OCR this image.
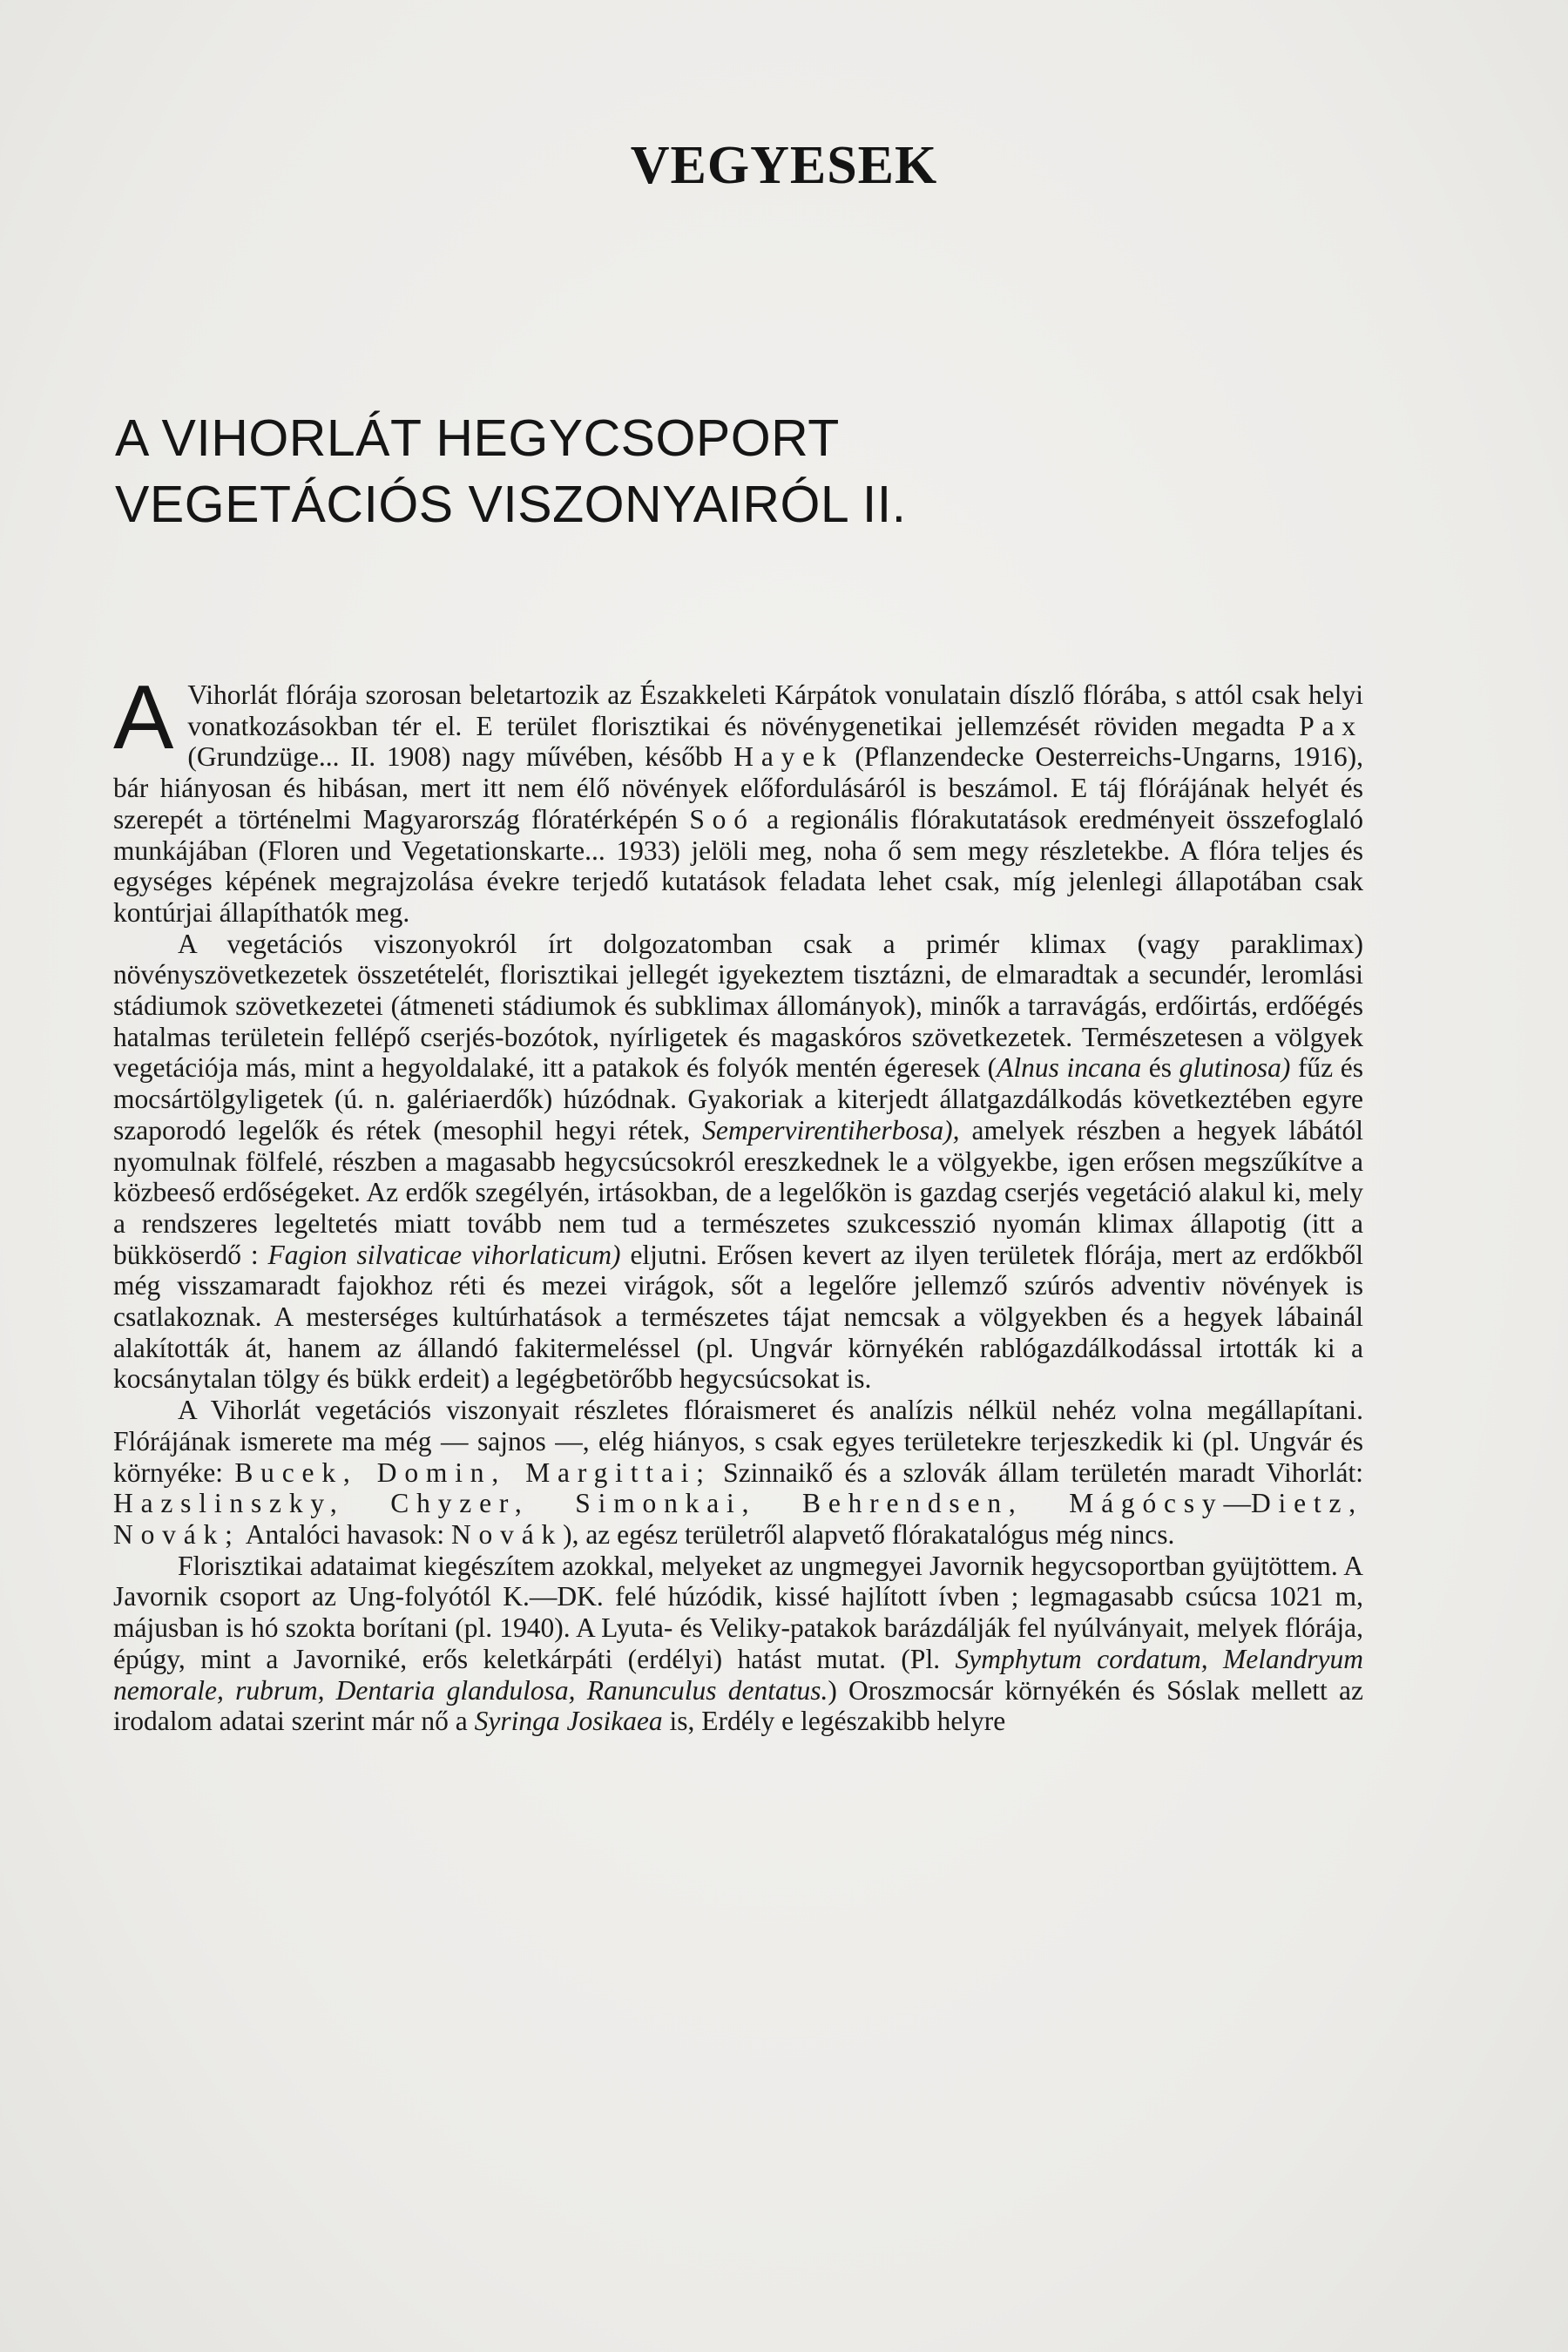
VEGYESEK
A VIHORLÁT HEGYCSOPORT
VEGETÁCIÓS VISZONYAIRÓL II.

A Vihorlát flórája szorosan beletartozik az Északkeleti Kárpátok vonulatain díszlő flórába, s attól csak helyi vonatkozásokban tér el. E terület florisztikai és növénygenetikai jellemzését röviden megadta Pax (Grundzüge... II. 1908) nagy művében, később Hayek (Pflanzendecke Oesterreichs-Ungarns, 1916), bár hiányosan és hibásan, mert itt nem élő növények előfordulásáról is beszámol. E táj flórájának helyét és szerepét a történelmi Magyarország flóratérképén Soó a regionális flórakutatások eredményeit összefoglaló munkájában (Floren und Vegetationskarte... 1933) jelöli meg, noha ő sem megy részletekbe. A flóra teljes és egységes képének megrajzolása évekre terjedő kutatások feladata lehet csak, míg jelenlegi állapotában csak kontúrjai állapíthatók meg.

A vegetációs viszonyokról írt dolgozatomban csak a primér klimax (vagy paraklimax) növényszövetkezetek összetételét, florisztikai jellegét igyekeztem tisztázni, de elmaradtak a secundér, leromlási stádiumok szövetkezetei (átmeneti stádiumok és subklimax állományok), minők a tarravágás, erdőirtás, erdőégés hatalmas területein fellépő cserjés-bozótok, nyírligetek és magaskóros szövetkezetek. Természetesen a völgyek vegetációja más, mint a hegyoldalaké, itt a patakok és folyók mentén égeresek (Alnus incana és glutinosa) fűz és mocsártölgyligetek (ú. n. galériaerdők) húzódnak. Gyakoriak a kiterjedt állatgazdálkodás következtében egyre szaporodó legelők és rétek (mesophil hegyi rétek, Sempervirentiherbosa), amelyek részben a hegyek lábától nyomulnak fölfelé, részben a magasabb hegycsúcsokról ereszkednek le a völgyekbe, igen erősen megszűkítve a közbeeső erdőségeket. Az erdők szegélyén, irtásokban, de a legelőkön is gazdag cserjés vegetáció alakul ki, mely a rendszeres legeltetés miatt tovább nem tud a természetes szukcesszió nyomán klimax állapotig (itt a bükköserdő : Fagion silvaticae vihorlaticum) eljutni. Erősen kevert az ilyen területek flórája, mert az erdőkből még visszamaradt fajokhoz réti és mezei virágok, sőt a legelőre jellemző szúrós adventiv növények is csatlakoznak. A mesterséges kultúrhatások a természetes tájat nemcsak a völgyekben és a hegyek lábainál alakították át, hanem az állandó fakitermeléssel (pl. Ungvár környékén rablógazdálkodással irtották ki a kocsánytalan tölgy és bükk erdeit) a legégbetörőbb hegycsúcsokat is.

A Vihorlát vegetációs viszonyait részletes flóraismeret és analízis nélkül nehéz volna megállapítani. Flórájának ismerete ma még — sajnos —, elég hiányos, s csak egyes területekre terjeszkedik ki (pl. Ungvár és környéke: Bucek, Domin, Margittai; Szinnaikő és a szlovák állam területén maradt Vihorlát: Hazslinszky, Chyzer, Simonkai, Behrendsen, Mágócsy—Dietz, Novák; Antalóci havasok: Novák), az egész területről alapvető flórakatalógus még nincs.

Florisztikai adataimat kiegészítem azokkal, melyeket az ungmegyei Javornik hegycsoportban gyüjtöttem. A Javornik csoport az Ung-folyótól K.—DK. felé húzódik, kissé hajlított ívben ; legmagasabb csúcsa 1021 m, májusban is hó szokta borítani (pl. 1940). A Lyuta- és Veliky-patakok barázdálják fel nyúlványait, melyek flórája, épúgy, mint a Javorniké, erős keletkárpáti (erdélyi) hatást mutat. (Pl. Symphytum cordatum, Melandryum nemorale, rubrum, Dentaria glandulosa, Ranunculus dentatus.) Oroszmocsár környékén és Sóslak mellett az irodalom adatai szerint már nő a Syringa Josikaea is, Erdély e legészakibb helyre
